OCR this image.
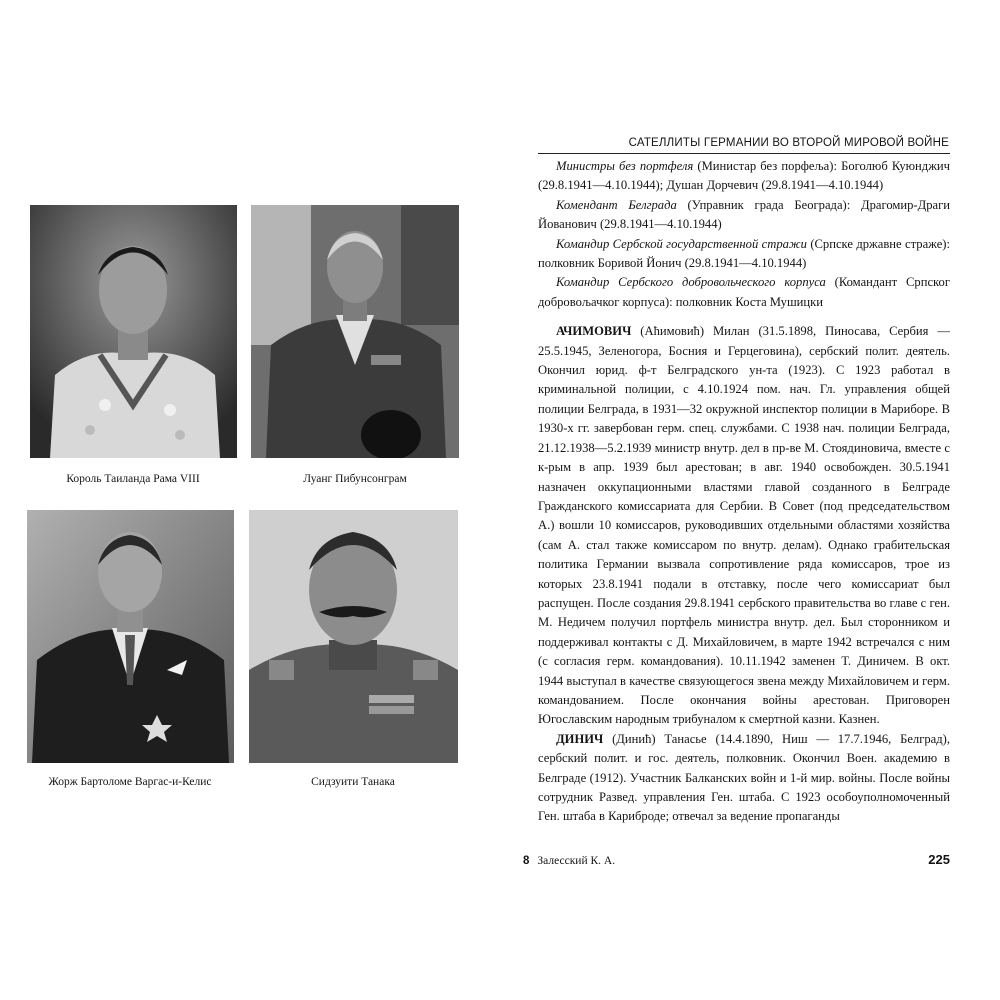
Король Таиланда Рама VIII	Луанг Пибунсонграм
Жорж Бартоломе Варгас-и-Келис	Сидзуити Танака
САТЕЛЛИТЫ ГЕРМАНИИ ВО ВТОРОЙ МИРОВОЙ ВОЙНЕ

Министры без портфеля (Министар без порфеља): Боголюб Куюнджич (29.8.1941—4.10.1944); Душан Дорчевич (29.8.1941—4.10.1944)

Комендант Белграда (Управник града Београда): Драгомир-Драги Йованович (29.8.1941—4.10.1944)

Командир Сербской государственной стражи (Српске државне страже): полковник Боривой Йонич (29.8.1941—4.10.1944)

Командир Сербского добровольческого корпуса (Командант Српског добровољачког корпуса): полковник Коста Мушицки

АЧИМОВИЧ (Аћимовић) Милан (31.5.1898, Пиносава, Сербия — 25.5.1945, Зеленогора, Босния и Герцеговина), сербский полит. деятель. Окончил юрид. ф-т Белградского ун-та (1923). С 1923 работал в криминальной полиции, с 4.10.1924 пом. нач. Гл. управления общей полиции Белграда, в 1931—32 окружной инспектор полиции в Мариборе. В 1930-х гг. завербован герм. спец. службами. С 1938 нач. полиции Белграда, 21.12.1938—5.2.1939 министр внутр. дел в пр-ве М. Стоядиновича, вместе с к-рым в апр. 1939 был арестован; в авг. 1940 освобожден. 30.5.1941 назначен оккупационными властями главой созданного в Белграде Гражданского комиссариата для Сербии. В Совет (под председательством А.) вошли 10 комиссаров, руководивших отдельными областями хозяйства (сам А. стал также комиссаром по внутр. делам). Однако грабительская политика Германии вызвала сопротивление ряда комиссаров, трое из которых 23.8.1941 подали в отставку, после чего комиссариат был распущен. После создания 29.8.1941 сербского правительства во главе с ген. М. Недичем получил портфель министра внутр. дел. Был сторонником и поддерживал контакты с Д. Михайловичем, в марте 1942 встречался с ним (с согласия герм. командования). 10.11.1942 заменен Т. Диничем. В окт. 1944 выступал в качестве связующегося звена между Михайловичем и герм. командованием. После окончания войны арестован. Приговорен Югославским народным трибуналом к смертной казни. Казнен.

ДИНИЧ (Динић) Танасье (14.4.1890, Ниш — 17.7.1946, Белград), сербский полит. и гос. деятель, полковник. Окончил Воен. академию в Белграде (1912). Участник Балканских войн и 1-й мир. войны. После войны сотрудник Развед. управления Ген. штаба. С 1923 особоуполномоченный Ген. штаба в Кариброде; отвечал за ведение пропаганды

8 Залесский К. А.	225
